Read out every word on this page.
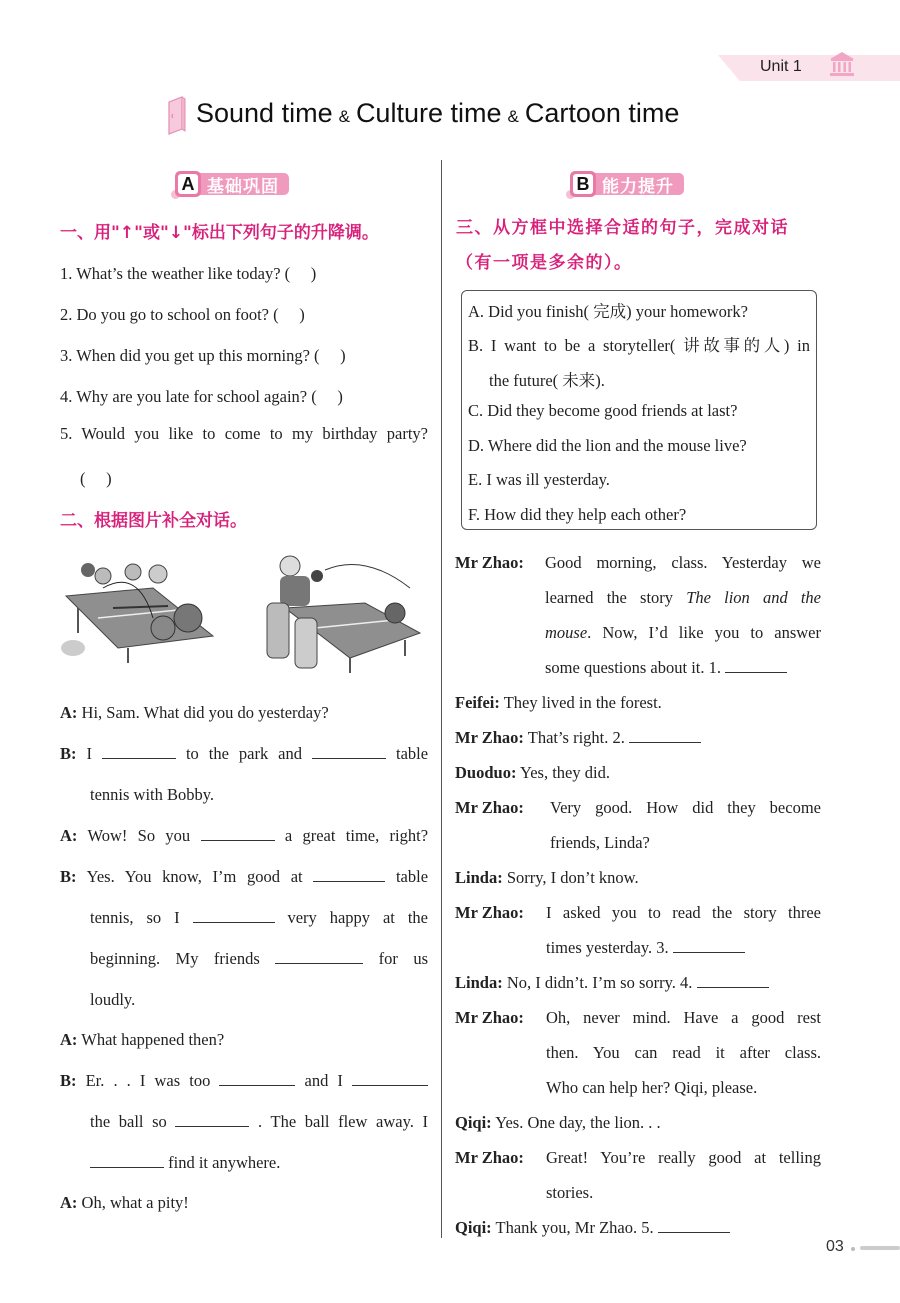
Unit 1
Sound time & Culture time & Cartoon time
A 基础巩固
一、用"↑"或"↓"标出下列句子的升降调。
1. What’s the weather like today? (　 )
2. Do you go to school on foot? (　 )
3. When did you get up this morning? (　 )
4. Why are you late for school again? (　 )
5. Would you like to come to my birthday party?
(　 )
二、根据图片补全对话。
A: Hi, Sam. What did you do yesterday?
B: I	to the park and	table
tennis with Bobby.
A: Wow! So you	a great time, right?
B: Yes. You know, I’m good at	table
tennis, so I	very happy at the
beginning. My friends	for us
loudly.
A: What happened then?
B: Er. . . I was too	and I
the ball so	. The ball flew away. I
find it anywhere.
A: Oh, what a pity!
B 能力提升
三、从方框中选择合适的句子，完成对话
（有一项是多余的）。
A. Did you finish( 完成) your homework?
B. I want to be a storyteller( 讲故事的人) in
the future( 未来).
C. Did they become good friends at last?
D. Where did the lion and the mouse live?
E. I was ill yesterday.
F. How did they help each other?
Mr Zhao: Good morning, class. Yesterday we
learned the story The lion and the
mouse. Now, I’d like you to answer
some questions about it. 1.
Feifei: They lived in the forest.
Mr Zhao: That’s right. 2.
Duoduo: Yes, they did.
Mr Zhao: Very good. How did they become
friends, Linda?
Linda: Sorry, I don’t know.
Mr Zhao: I asked you to read the story three
times yesterday. 3.
Linda: No, I didn’t. I’m so sorry. 4.
Mr Zhao: Oh, never mind. Have a good rest
then. You can read it after class.
Who can help her? Qiqi, please.
Qiqi: Yes. One day, the lion. . .
Mr Zhao: Great! You’re really good at telling
stories.
Qiqi: Thank you, Mr Zhao. 5.
03
